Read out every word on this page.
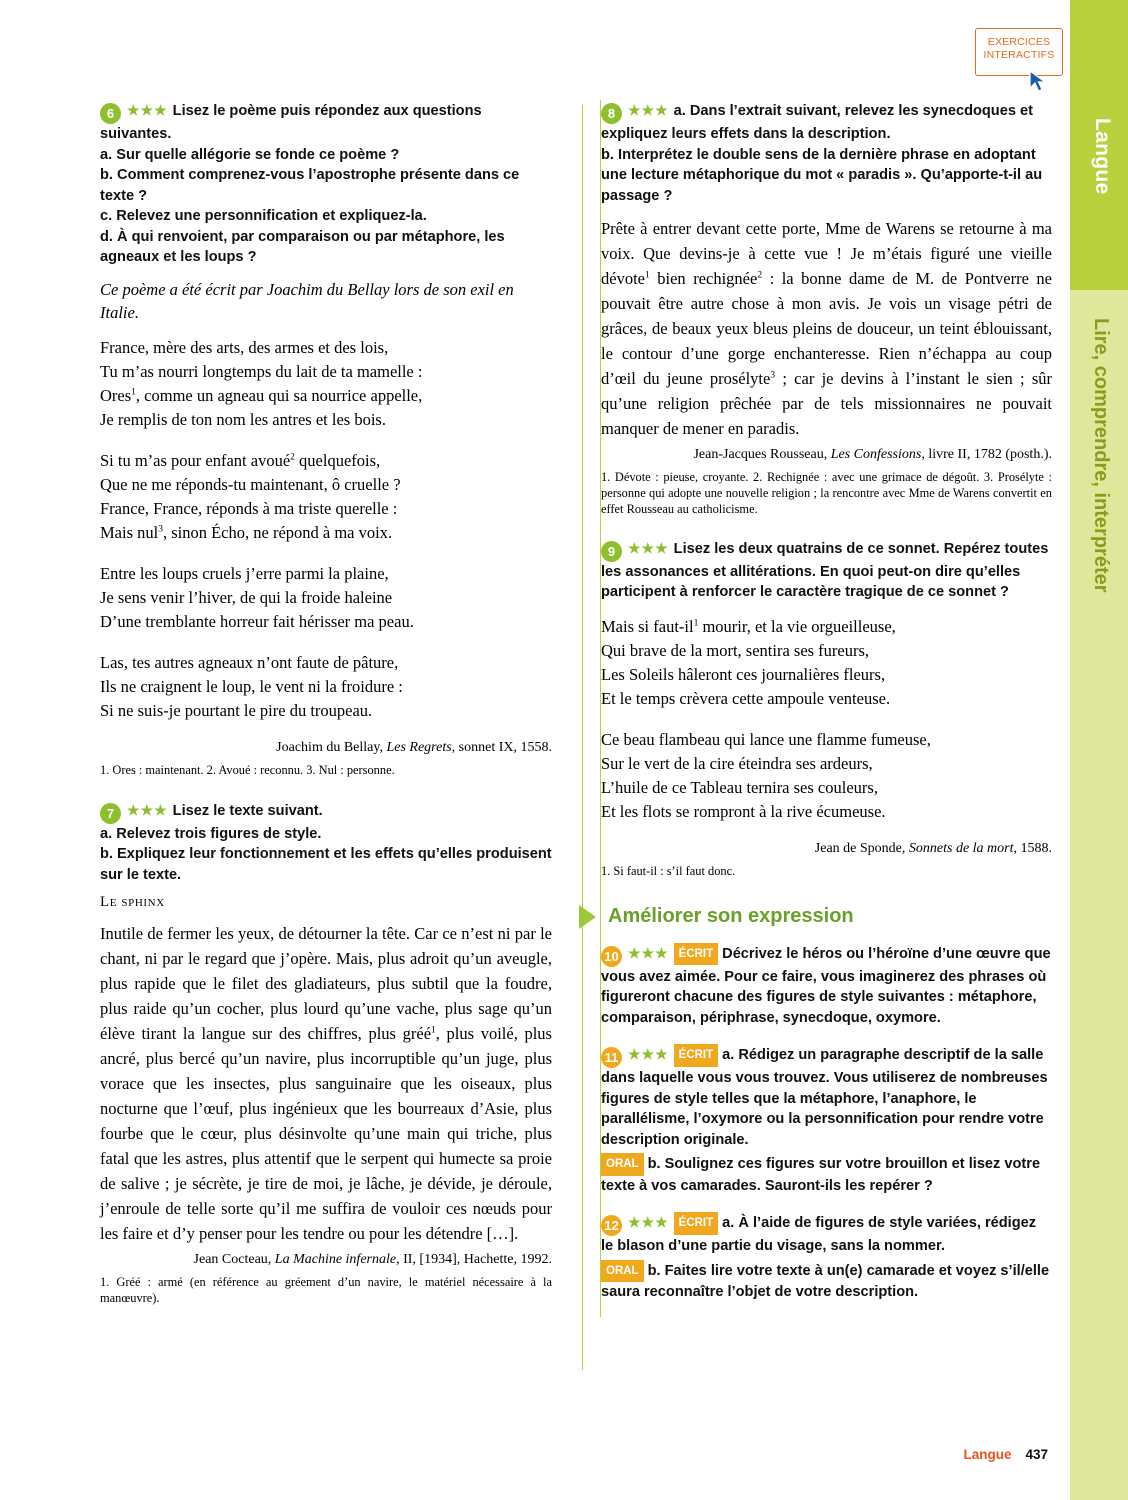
Langue
Lire, comprendre, interpréter
EXERCICES
INTERACTIFS
6 ★★★ Lisez le poème puis répondez aux questions suivantes.
a. Sur quelle allégorie se fonde ce poème ?
b. Comment comprenez-vous l’apostrophe présente dans ce texte ?
c. Relevez une personnification et expliquez-la.
d. À qui renvoient, par comparaison ou par métaphore, les agneaux et les loups ?
Ce poème a été écrit par Joachim du Bellay lors de son exil en Italie.
France, mère des arts, des armes et des lois,
Tu m’as nourri longtemps du lait de ta mamelle :
Ores$^1$, comme un agneau qui sa nourrice appelle,
Je remplis de ton nom les antres et les bois.
Si tu m’as pour enfant avoué$^2$ quelquefois,
Que ne me réponds-tu maintenant, ô cruelle ?
France, France, réponds à ma triste querelle :
Mais nul$^3$, sinon Écho, ne répond à ma voix.
Entre les loups cruels j’erre parmi la plaine,
Je sens venir l’hiver, de qui la froide haleine
D’une tremblante horreur fait hérisser ma peau.
Las, tes autres agneaux n’ont faute de pâture,
Ils ne craignent le loup, le vent ni la froidure :
Si ne suis-je pourtant le pire du troupeau.
Joachim du Bellay, Les Regrets, sonnet IX, 1558.
1. Ores : maintenant. 2. Avoué : reconnu. 3. Nul : personne.
7 ★★★ Lisez le texte suivant.
a. Relevez trois figures de style.
b. Expliquez leur fonctionnement et les effets qu’elles produisent sur le texte.
Le sphinx
Inutile de fermer les yeux, de détourner la tête. Car ce n’est ni par le chant, ni par le regard que j’opère. Mais, plus adroit qu’un aveugle, plus rapide que le filet des gladiateurs, plus subtil que la foudre, plus raide qu’un cocher, plus lourd qu’une vache, plus sage qu’un élève tirant la langue sur des chiffres, plus gréé$^1$, plus voilé, plus ancré, plus bercé qu’un navire, plus incorruptible qu’un juge, plus vorace que les insectes, plus sanguinaire que les oiseaux, plus nocturne que l’œuf, plus ingénieux que les bourreaux d’Asie, plus fourbe que le cœur, plus désinvolte qu’une main qui triche, plus fatal que les astres, plus attentif que le serpent qui humecte sa proie de salive ; je sécrète, je tire de moi, je lâche, je dévide, je déroule, j’enroule de telle sorte qu’il me suffira de vouloir ces nœuds pour les faire et d’y penser pour les tendre ou pour les détendre […].
Jean Cocteau, La Machine infernale, II, [1934], Hachette, 1992.
1. Gréé : armé (en référence au gréement d’un navire, le matériel nécessaire à la manœuvre).
8 ★★★ a. Dans l’extrait suivant, relevez les synecdoques et expliquez leurs effets dans la description.
b. Interprétez le double sens de la dernière phrase en adoptant une lecture métaphorique du mot « paradis ». Qu’apporte-t-il au passage ?
Prête à entrer devant cette porte, Mme de Warens se retourne à ma voix. Que devins-je à cette vue ! Je m’étais figuré une vieille dévote$^1$ bien rechignée$^2$ : la bonne dame de M. de Pontverre ne pouvait être autre chose à mon avis. Je vois un visage pétri de grâces, de beaux yeux bleus pleins de douceur, un teint éblouissant, le contour d’une gorge enchanteresse. Rien n’échappa au coup d’œil du jeune prosélyte$^3$ ; car je devins à l’instant le sien ; sûr qu’une religion prêchée par de tels missionnaires ne pouvait manquer de mener en paradis.
Jean-Jacques Rousseau, Les Confessions, livre II, 1782 (posth.).
1. Dévote : pieuse, croyante. 2. Rechignée : avec une grimace de dégoût. 3. Prosélyte : personne qui adopte une nouvelle religion ; la rencontre avec Mme de Warens convertit en effet Rousseau au catholicisme.
9 ★★★ Lisez les deux quatrains de ce sonnet. Repérez toutes les assonances et allitérations. En quoi peut-on dire qu’elles participent à renforcer le caractère tragique de ce sonnet ?
Mais si faut-$il^1$ mourir, et la vie orgueilleuse,
Qui brave de la mort, sentira ses fureurs,
Les Soleils hâleront ces journalières fleurs,
Et le temps crèvera cette ampoule venteuse.
Ce beau flambeau qui lance une flamme fumeuse,
Sur le vert de la cire éteindra ses ardeurs,
L’huile de ce Tableau ternira ses couleurs,
Et les flots se rompront à la rive écumeuse.
Jean de Sponde, Sonnets de la mort, 1588.
1. Si faut-il : s’il faut donc.
Améliorer son expression
10 ★★★ ÉCRIT Décrivez le héros ou l’héroïne d’une œuvre que vous avez aimée. Pour ce faire, vous imaginerez des phrases où figureront chacune des figures de style suivantes : métaphore, comparaison, périphrase, synecdoque, oxymore.
11 ★★★ ÉCRIT a. Rédigez un paragraphe descriptif de la salle dans laquelle vous vous trouvez. Vous utiliserez de nombreuses figures de style telles que la métaphore, l’anaphore, le parallélisme, l’oxymore ou la personnification pour rendre votre description originale.
ORAL b. Soulignez ces figures sur votre brouillon et lisez votre texte à vos camarades. Sauront-ils les repérer ?
12 ★★★ ÉCRIT a. À l’aide de figures de style variées, rédigez le blason d’une partie du visage, sans la nommer.
ORAL b. Faites lire votre texte à un(e) camarade et voyez s’il/elle saura reconnaître l’objet de votre description.
Langue 437
